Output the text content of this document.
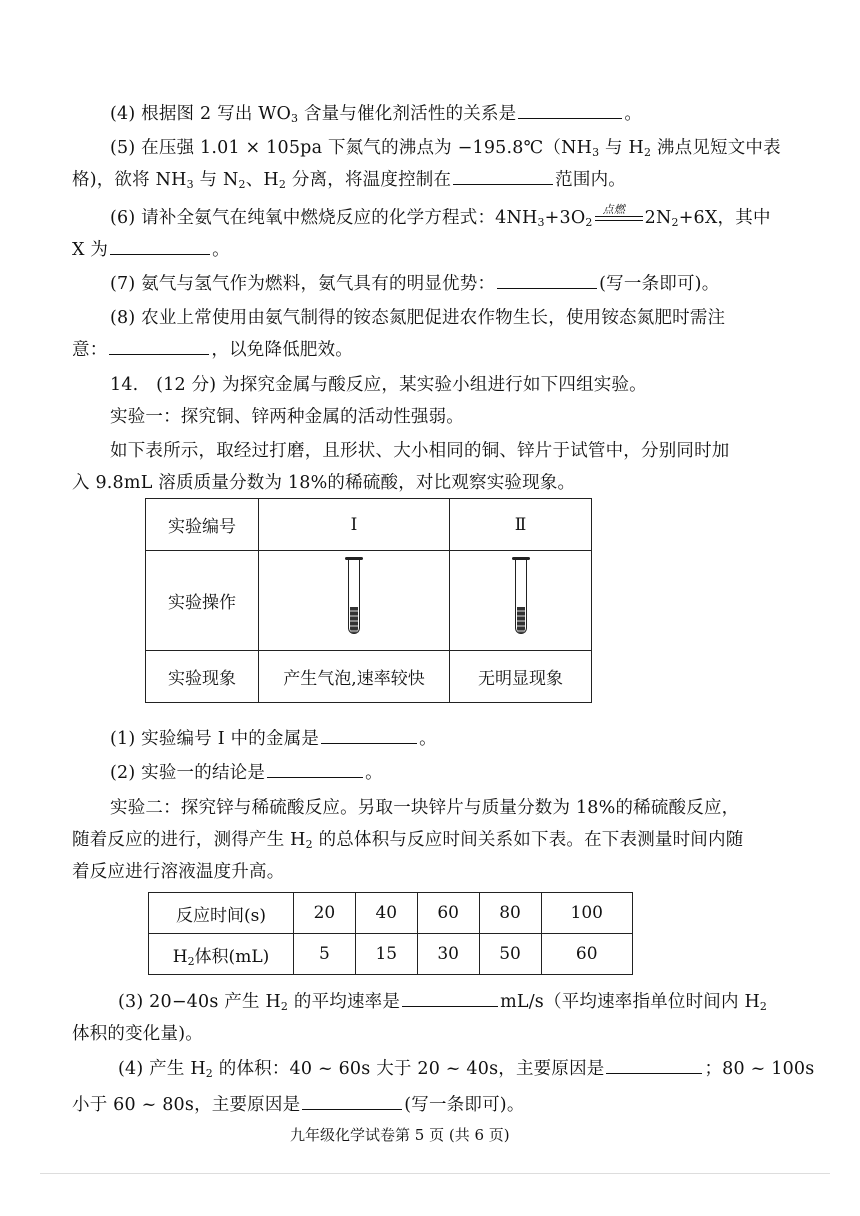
(4) 根据图 2 写出 $WO_3$ 含量与催化剂活性的关系是	。
(5) 在压强 1.01 × 105pa 下氮气的沸点为 $-195.8℃(NH_3$ 与 $H_2$ 沸点见短文中表
格)，欲将 $NH_3$ 与 $N_2$、$H_2$ 分离，将温度控制在	范围内。
(6) 请补全氨气在纯氧中燃烧反应的化学方程式：$4NH_3+3O_2$
点燃 $2N_2+6X$，其中
X 为	。
(7) 氨气与氢气作为燃料，氨气具有的明显优势：	(写一条即可)。
(8) 农业上常使用由氨气制得的铵态氮肥促进农作物生长，使用铵态氮肥时需注
意：	，以免降低肥效。
14.　(12 分) 为探究金属与酸反应，某实验小组进行如下四组实验。
实验一：探究铜、锌两种金属的活动性强弱。
如下表所示，取经过打磨，且形状、大小相同的铜、锌片于试管中，分别同时加
入 9.8mL 溶质质量分数为 18%的稀硫酸，对比观察实验现象。
实验编号	I	Ⅱ
实验操作	

实验现象	产生气泡,速率较快	无明显现象
(1) 实验编号 I 中的金属是	。
(2) 实验一的结论是	。
实验二：探究锌与稀硫酸反应。另取一块锌片与质量分数为 18%的稀硫酸反应，
随着反应的进行，测得产生 $H_2$ 的总体积与反应时间关系如下表。在下表测量时间内随
着反应进行溶液温度升高。
反应时间(s)	20	40	60	80	100
$H_2$体积(mL)	5	15	30	50	60
(3) 20−40s 产生 $H_2$ 的平均速率是	mL/s（平均速率指单位时间内 $H_2$
体积的变化量)。
(4) 产生 $H_2$ 的体积：40 ~ 60s 大于 20 ~ 40s，主要原因是	；80 ~ 100s
小于 60 ~ 80s，主要原因是	(写一条即可)。
九年级化学试卷第 5 页 (共 6 页)
